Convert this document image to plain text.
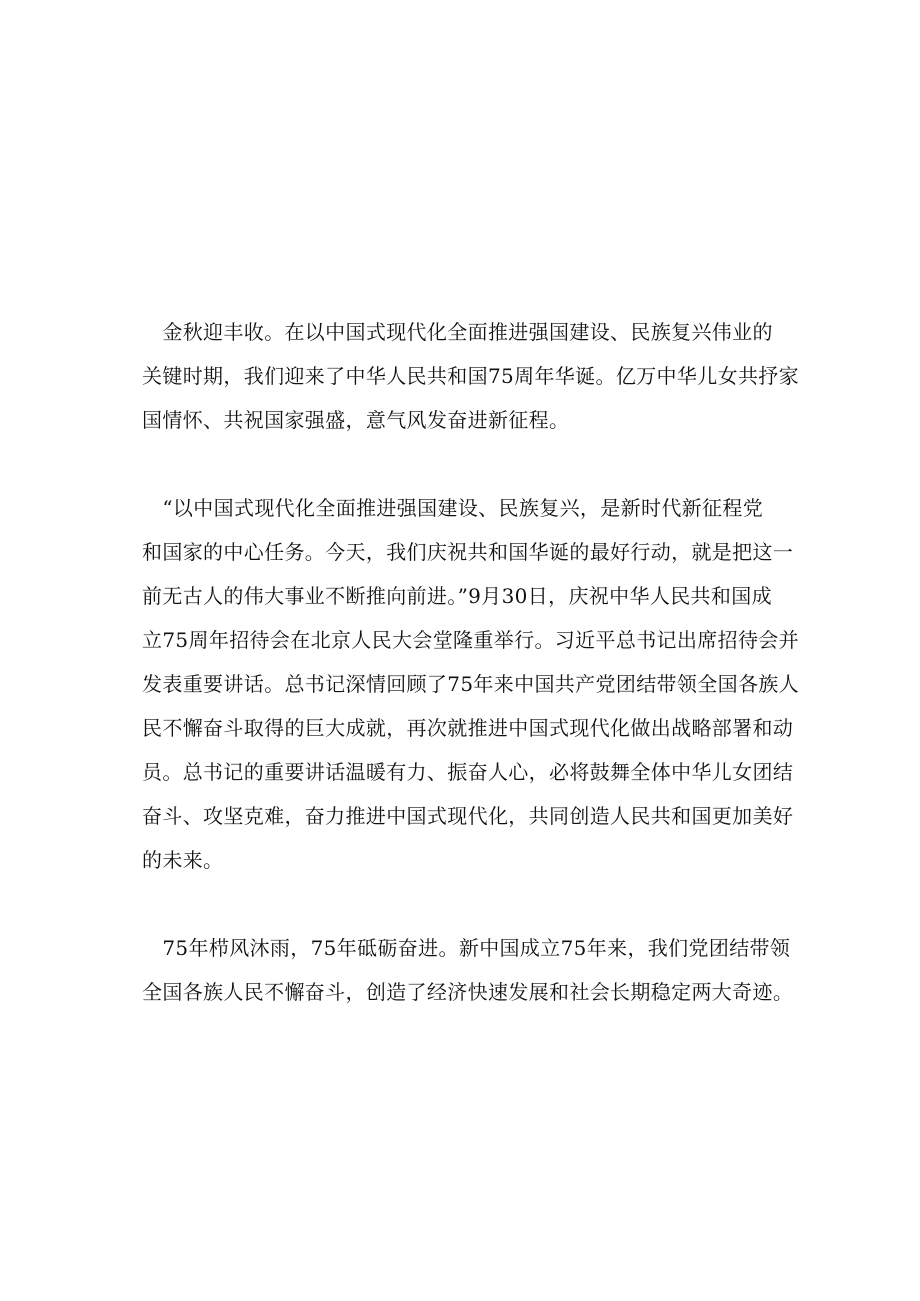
　金秋迎丰收。在以中国式现代化全面推进强国建设、民族复兴伟业的
关键时期，我们迎来了中华人民共和国75周年华诞。亿万中华儿女共抒家
国情怀、共祝国家强盛，意气风发奋进新征程。

　“以中国式现代化全面推进强国建设、民族复兴，是新时代新征程党
和国家的中心任务。今天，我们庆祝共和国华诞的最好行动，就是把这一
前无古人的伟大事业不断推向前进。”9月30日，庆祝中华人民共和国成
立75周年招待会在北京人民大会堂隆重举行。习近平总书记出席招待会并
发表重要讲话。总书记深情回顾了75年来中国共产党团结带领全国各族人
民不懈奋斗取得的巨大成就，再次就推进中国式现代化做出战略部署和动
员。总书记的重要讲话温暖有力、振奋人心，必将鼓舞全体中华儿女团结
奋斗、攻坚克难，奋力推进中国式现代化，共同创造人民共和国更加美好
的未来。

　75年栉风沐雨，75年砥砺奋进。新中国成立75年来，我们党团结带领
全国各族人民不懈奋斗，创造了经济快速发展和社会长期稳定两大奇迹。
